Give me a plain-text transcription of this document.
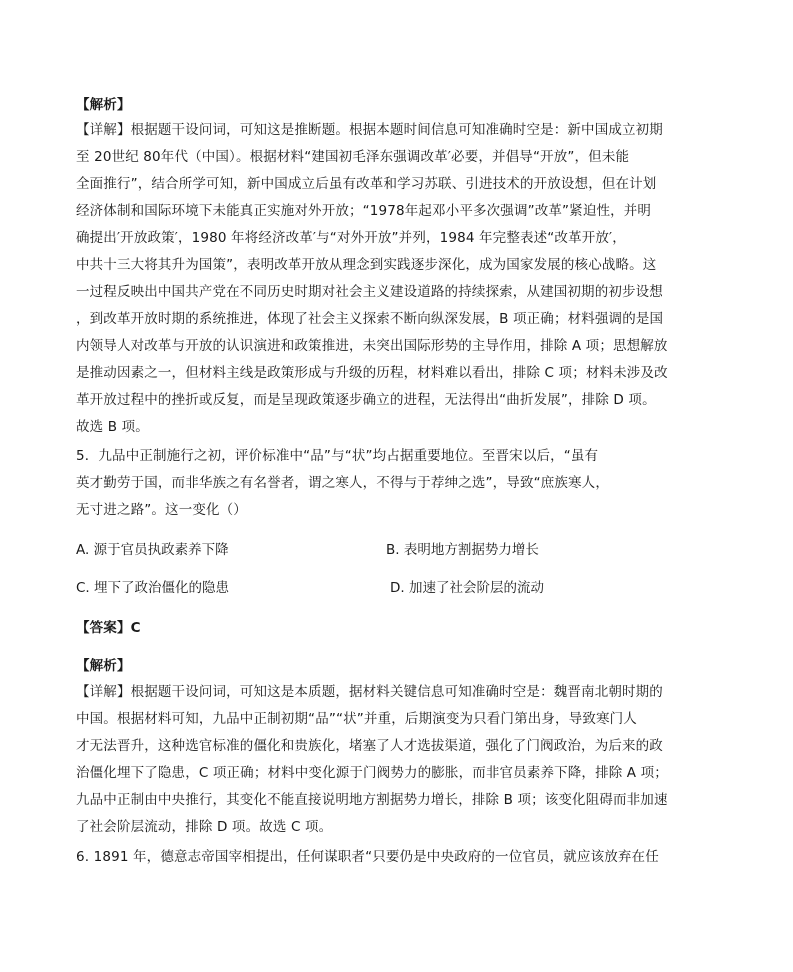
【解析】
【详解】根据题干设问词，可知这是推断题。根据本题时间信息可知准确时空是：新中国成立初期
至 20世纪 80年代（中国）。根据材料“建国初毛泽东强调改革′必要，并倡导“开放”，但未能
全面推行”，结合所学可知，新中国成立后虽有改革和学习苏联、引进技术的开放设想，但在计划
经济体制和国际环境下未能真正实施对外开放；“1978年起邓小平多次强调”改革”紧迫性，并明
确提出′开放政策′，1980 年将经济改革′与“对外开放”并列，1984 年完整表述“改革开放′，
中共十三大将其升为国策”，表明改革开放从理念到实践逐步深化，成为国家发展的核心战略。这
一过程反映出中国共产党在不同历史时期对社会主义建设道路的持续探索，从建国初期的初步设想
，到改革开放时期的系统推进，体现了社会主义探索不断向纵深发展，B 项正确；材料强调的是国
内领导人对改革与开放的认识演进和政策推进，未突出国际形势的主导作用，排除 A 项；思想解放
是推动因素之一，但材料主线是政策形成与升级的历程，材料难以看出，排除 C 项；材料未涉及改
革开放过程中的挫折或反复，而是呈现政策逐步确立的进程，无法得出“曲折发展”，排除 D 项。
故选 B 项。
5．九品中正制施行之初，评价标准中“品”与“状”均占据重要地位。至晋宋以后，“虽有
英才勤劳于国，而非华族之有名誉者，谓之寒人，不得与于荐绅之选”，导致“庶族寒人，
无寸进之路”。这一变化（）
A. 源于官员执政素养下降	B. 表明地方割据势力增长
C. 埋下了政治僵化的隐患	D. 加速了社会阶层的流动
【答案】C
【解析】
【详解】根据题干设问词，可知这是本质题，据材料关键信息可知准确时空是：魏晋南北朝时期的
中国。根据材料可知，九品中正制初期“品”“状”并重，后期演变为只看门第出身，导致寒门人
才无法晋升，这种选官标准的僵化和贵族化，堵塞了人才选拔渠道，强化了门阀政治，为后来的政
治僵化埋下了隐患，C 项正确；材料中变化源于门阀势力的膨胀，而非官员素养下降，排除 A 项；
九品中正制由中央推行，其变化不能直接说明地方割据势力增长，排除 B 项；该变化阻碍而非加速
了社会阶层流动，排除 D 项。故选 C 项。
6. 1891 年，德意志帝国宰相提出，任何谋职者“只要仍是中央政府的一位官员，就应该放弃在任
